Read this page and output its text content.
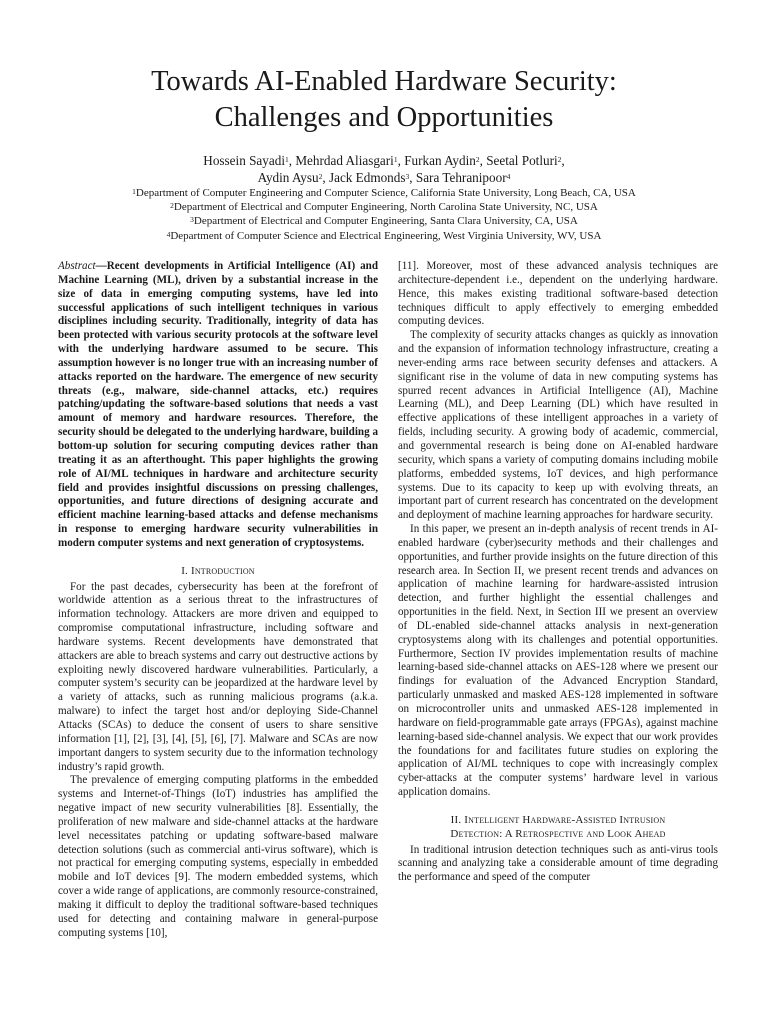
Towards AI-Enabled Hardware Security:
Challenges and Opportunities
Hossein Sayadi$^1$, Mehrdad Aliasgari$^1$, Furkan Aydin$^2$, Seetal Potluri$^2$,
Aydin Aysu$^2$, Jack Edmonds$^3$, Sara Tehranipoor$^4$
$^1$Department of Computer Engineering and Computer Science, California State University, Long Beach, CA, USA
$^2$Department of Electrical and Computer Engineering, North Carolina State University, NC, USA
$^3$Department of Electrical and Computer Engineering, Santa Clara University, CA, USA
$^4$Department of Computer Science and Electrical Engineering, West Virginia University, WV, USA

Abstract—Recent developments in Artificial Intelligence (AI) and Machine Learning (ML), driven by a substantial increase in the size of data in emerging computing systems, have led into successful applications of such intelligent techniques in various disciplines including security. Traditionally, integrity of data has been protected with various security protocols at the software level with the underlying hardware assumed to be secure. This assumption however is no longer true with an increasing number of attacks reported on the hardware. The emergence of new security threats (e.g., malware, side-channel attacks, etc.) requires patching/updating the software-based solutions that needs a vast amount of memory and hardware resources. Therefore, the security should be delegated to the underlying hardware, building a bottom-up solution for securing computing devices rather than treating it as an afterthought. This paper highlights the growing role of AI/ML techniques in hardware and architecture security field and provides insightful discussions on pressing challenges, opportunities, and future directions of designing accurate and efficient machine learning-based attacks and defense mechanisms in response to emerging hardware security vulnerabilities in modern computer systems and next generation of cryptosystems.

I. Introduction

For the past decades, cybersecurity has been at the forefront of worldwide attention as a serious threat to the infrastructures of information technology. Attackers are more driven and equipped to compromise computational infrastructure, including software and hardware systems. Recent developments have demonstrated that attackers are able to breach systems and carry out destructive actions by exploiting newly discovered hardware vulnerabilities. Particularly, a computer system’s security can be jeopardized at the hardware level by a variety of attacks, such as running malicious programs (a.k.a. malware) to infect the target host and/or deploying Side-Channel Attacks (SCAs) to deduce the consent of users to share sensitive information [1], [2], [3], [4], [5], [6], [7]. Malware and SCAs are now important dangers to system security due to the information technology industry’s rapid growth.

The prevalence of emerging computing platforms in the embedded systems and Internet-of-Things (IoT) industries has amplified the negative impact of new security vulnerabilities [8]. Essentially, the proliferation of new malware and side-channel attacks at the hardware level necessitates patching or updating software-based malware detection solutions (such as commercial anti-virus software), which is not practical for emerging computing systems, especially in embedded mobile and IoT devices [9]. The modern embedded systems, which cover a wide range of applications, are commonly resource-constrained, making it difficult to deploy the traditional software-based techniques used for detecting and containing malware in general-purpose computing systems [10],

[11]. Moreover, most of these advanced analysis techniques are architecture-dependent i.e., dependent on the underlying hardware. Hence, this makes existing traditional software-based detection techniques difficult to apply effectively to emerging embedded computing devices.

The complexity of security attacks changes as quickly as innovation and the expansion of information technology infrastructure, creating a never-ending arms race between security defenses and attackers. A significant rise in the volume of data in new computing systems has spurred recent advances in Artificial Intelligence (AI), Machine Learning (ML), and Deep Learning (DL) which have resulted in effective applications of these intelligent approaches in a variety of fields, including security. A growing body of academic, commercial, and governmental research is being done on AI-enabled hardware security, which spans a variety of computing domains including mobile platforms, embedded systems, IoT devices, and high performance systems. Due to its capacity to keep up with evolving threats, an important part of current research has concentrated on the development and deployment of machine learning approaches for hardware security.

In this paper, we present an in-depth analysis of recent trends in AI-enabled hardware (cyber)security methods and their challenges and opportunities, and further provide insights on the future direction of this research area. In Section II, we present recent trends and advances on application of machine learning for hardware-assisted intrusion detection, and further highlight the essential challenges and opportunities in the field. Next, in Section III we present an overview of DL-enabled side-channel attacks analysis in next-generation cryptosystems along with its challenges and potential opportunities. Furthermore, Section IV provides implementation results of machine learning-based side-channel attacks on AES-128 where we present our findings for evaluation of the Advanced Encryption Standard, particularly unmasked and masked AES-128 implemented in software on microcontroller units and unmasked AES-128 implemented in hardware on field-programmable gate arrays (FPGAs), against machine learning-based side-channel analysis. We expect that our work provides the foundations for and facilitates future studies on exploring the application of AI/ML techniques to cope with increasingly complex cyber-attacks at the computer systems’ hardware level in various application domains.

II. Intelligent Hardware-Assisted Intrusion
Detection: A Retrospective and Look Ahead

In traditional intrusion detection techniques such as anti-virus tools scanning and analyzing take a considerable amount of time degrading the performance and speed of the computer
